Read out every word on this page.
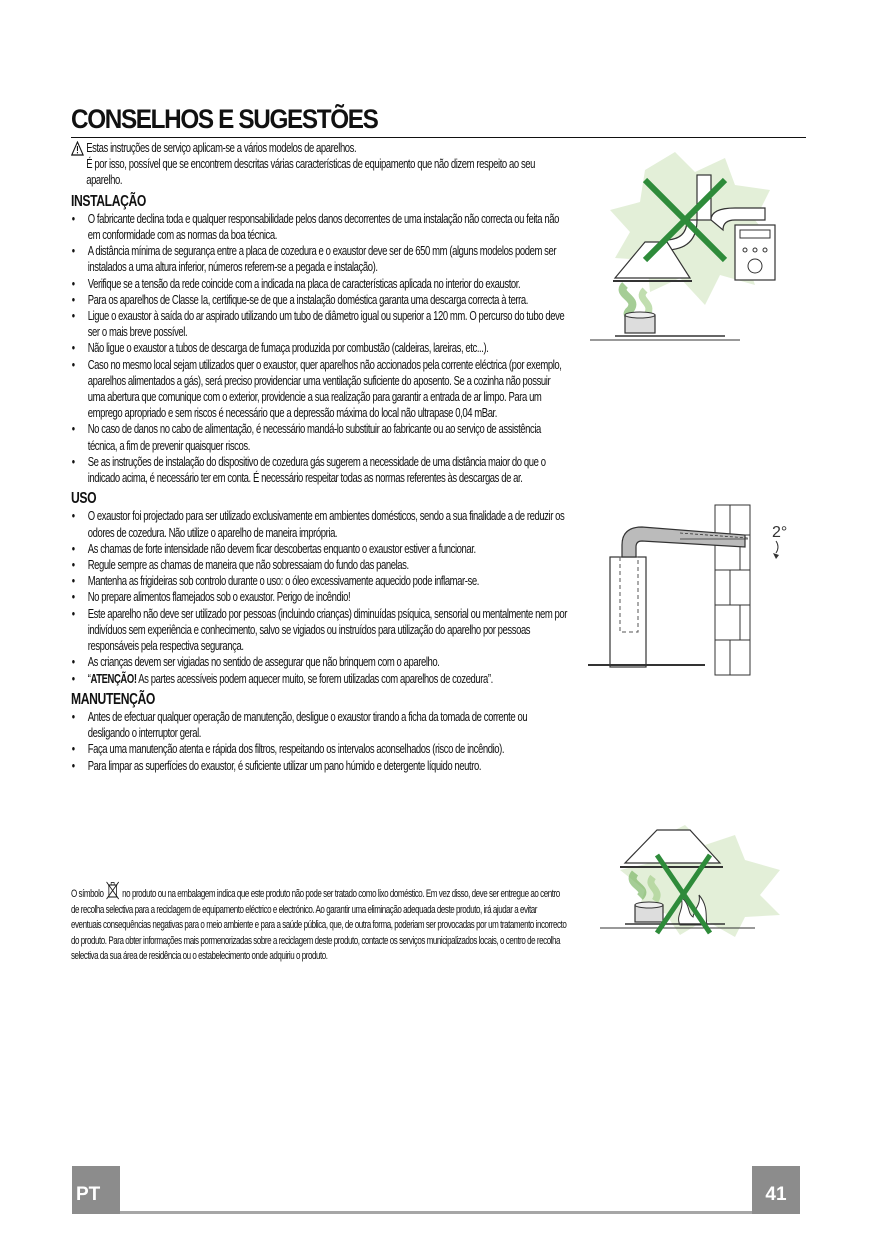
CONSELHOS E SUGESTÕES

Estas instruções de serviço aplicam-se a vários modelos de aparelhos.

É por isso, possível que se encontrem descritas várias características de equipamento que não dizem respeito ao seu aparelho.

INSTALAÇÃO
• O fabricante declina toda e qualquer responsabilidade pelos danos decorrentes de uma instalação não correcta ou feita não em conformidade com as normas da boa técnica.
• A distância mínima de segurança entre a placa de cozedura e o exaustor deve ser de 650 mm (alguns modelos podem ser instalados a uma altura inferior, números referem-se a pegada e instalação).
• Verifique se a tensão da rede coincide com a indicada na placa de características aplicada no interior do exaustor.
• Para os aparelhos de Classe Ia, certifique-se de que a instalação doméstica garanta uma descarga correcta à terra.
• Ligue o exaustor à saída do ar aspirado utilizando um tubo de diâmetro igual ou superior a 120 mm. O percurso do tubo deve ser o mais breve possível.
• Não ligue o exaustor a tubos de descarga de fumaça produzida por combustão (caldeiras, lareiras, etc...).
• Caso no mesmo local sejam utilizados quer o exaustor, quer aparelhos não accionados pela corrente eléctrica (por exemplo, aparelhos alimentados a gás), será preciso providenciar uma ventilação suficiente do aposento. Se a cozinha não possuir uma abertura que comunique com o exterior, providencie a sua realização para garantir a entrada de ar limpo. Para um emprego apropriado e sem riscos é necessário que a depressão máxima do local não ultrapase 0,04 mBar.
• No caso de danos no cabo de alimentação, é necessário mandá-lo substituir ao fabricante ou ao serviço de assistência técnica, a fim de prevenir quaisquer riscos.
• Se as instruções de instalação do dispositivo de cozedura gás sugerem a necessidade de uma distância maior do que o indicado acima, é necessário ter em conta. É necessário respeitar todas as normas referentes às descargas de ar.
USO
• O exaustor foi projectado para ser utilizado exclusivamente em ambientes domésticos, sendo a sua finalidade a de reduzir os odores de cozedura. Não utilize o aparelho de maneira imprópria.
• As chamas de forte intensidade não devem ficar descobertas enquanto o exaustor estiver a funcionar.
• Regule sempre as chamas de maneira que não sobressaiam do fundo das panelas.
• Mantenha as frigideiras sob controlo durante o uso: o óleo excessivamente aquecido pode inflamar-se.
• No prepare alimentos flamejados sob o exaustor. Perigo de incêndio!
• Este aparelho não deve ser utilizado por pessoas (incluindo crianças) diminuídas psíquica, sensorial ou mentalmente nem por indivíduos sem experiência e conhecimento, salvo se vigiados ou instruídos para utilização do aparelho por pessoas responsáveis pela respectiva segurança.
• As crianças devem ser vigiadas no sentido de assegurar que não brinquem com o aparelho.
• “ATENÇÃO! As partes acessíveis podem aquecer muito, se forem utilizadas com aparelhos de cozedura”.
MANUTENÇÃO
• Antes de efectuar qualquer operação de manutenção, desligue o exaustor tirando a ficha da tomada de corrente ou desligando o interruptor geral.
• Faça uma manutenção atenta e rápida dos filtros, respeitando os intervalos aconselhados (risco de incêndio).
• Para limpar as superfícies do exaustor, é suficiente utilizar um pano húmido e detergente líquido neutro.

O símbolo  no produto ou na embalagem indica que este produto não pode ser tratado como lixo doméstico. Em vez disso, deve ser entregue ao centro de recolha selectiva para a reciclagem de equipamento eléctrico e electrónico. Ao garantir uma eliminação adequada deste produto, irá ajudar a evitar eventuais consequências negativas para o meio ambiente e para a saúde pública, que, de outra forma, poderiam ser provocadas por um tratamento incorrecto do produto. Para obter informações mais pormenorizadas sobre a reciclagem deste produto, contacte os serviços municipalizados locais, o centro de recolha selectiva da sua área de residência ou o estabelecimento onde adquiriu o produto.

2°
PT	41
